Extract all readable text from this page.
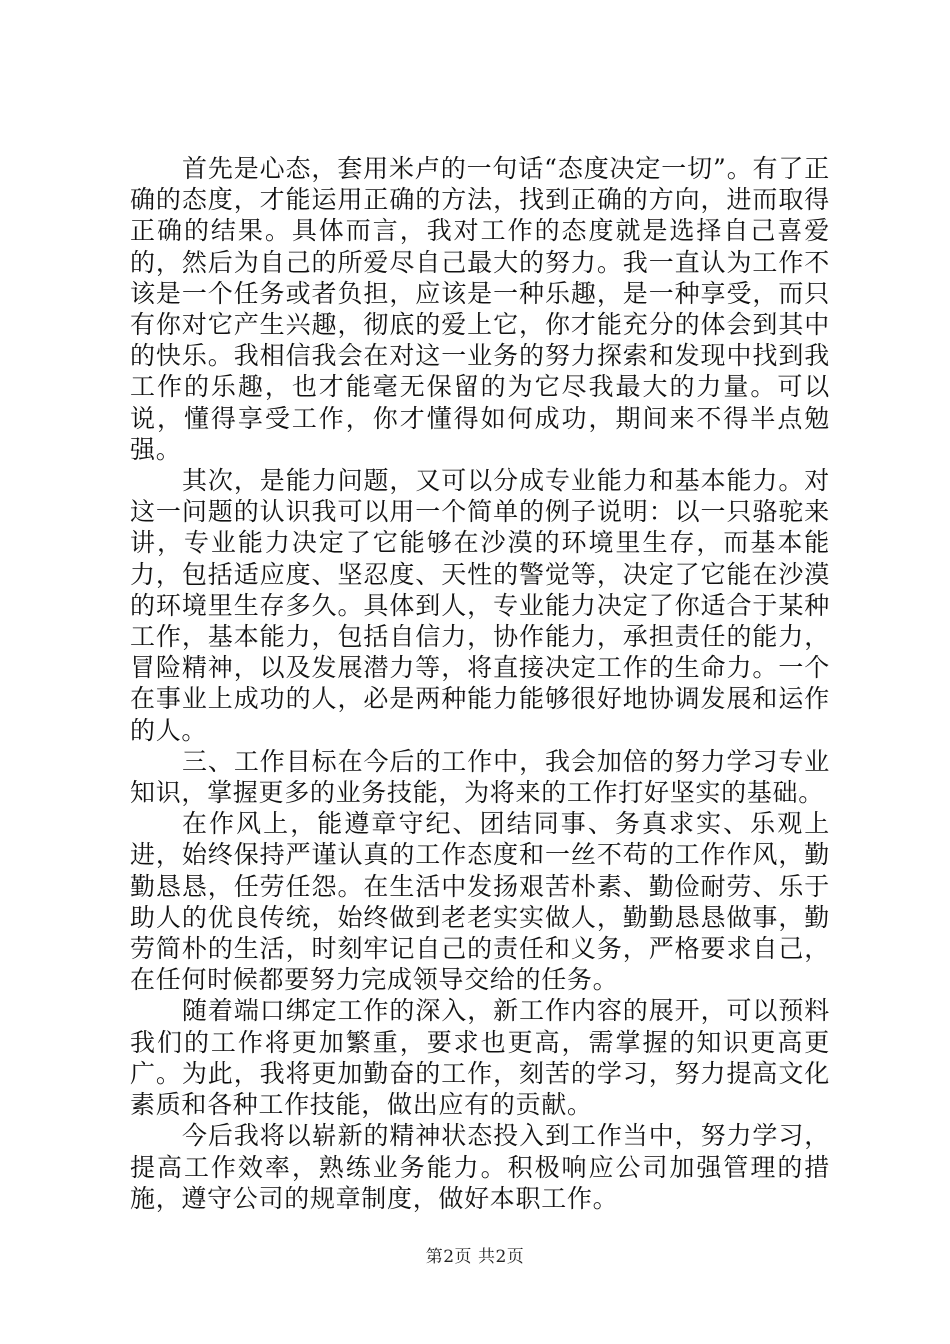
首先是心态，套用米卢的一句话“态度决定一切”。有了正确的态度，才能运用正确的方法，找到正确的方向，进而取得正确的结果。具体而言，我对工作的态度就是选择自己喜爱的，然后为自己的所爱尽自己最大的努力。我一直认为工作不该是一个任务或者负担，应该是一种乐趣，是一种享受，而只有你对它产生兴趣，彻底的爱上它，你才能充分的体会到其中的快乐。我相信我会在对这一业务的努力探索和发现中找到我工作的乐趣，也才能毫无保留的为它尽我最大的力量。可以说，懂得享受工作，你才懂得如何成功，期间来不得半点勉强。

其次，是能力问题，又可以分成专业能力和基本能力。对这一问题的认识我可以用一个简单的例子说明：以一只骆驼来讲，专业能力决定了它能够在沙漠的环境里生存，而基本能力，包括适应度、坚忍度、天性的警觉等，决定了它能在沙漠的环境里生存多久。具体到人，专业能力决定了你适合于某种工作，基本能力，包括自信力，协作能力，承担责任的能力，冒险精神，以及发展潜力等，将直接决定工作的生命力。一个在事业上成功的人，必是两种能力能够很好地协调发展和运作的人。

三、工作目标在今后的工作中，我会加倍的努力学习专业知识，掌握更多的业务技能，为将来的工作打好坚实的基础。

在作风上，能遵章守纪、团结同事、务真求实、乐观上进，始终保持严谨认真的工作态度和一丝不苟的工作作风，勤勤恳恳，任劳任怨。在生活中发扬艰苦朴素、勤俭耐劳、乐于助人的优良传统，始终做到老老实实做人，勤勤恳恳做事，勤劳简朴的生活，时刻牢记自己的责任和义务，严格要求自己，在任何时候都要努力完成领导交给的任务。

随着端口绑定工作的深入，新工作内容的展开，可以预料我们的工作将更加繁重，要求也更高，需掌握的知识更高更广。为此，我将更加勤奋的工作，刻苦的学习，努力提高文化素质和各种工作技能，做出应有的贡献。

今后我将以崭新的精神状态投入到工作当中，努力学习，提高工作效率，熟练业务能力。积极响应公司加强管理的措施，遵守公司的规章制度，做好本职工作。

第2页 共2页
